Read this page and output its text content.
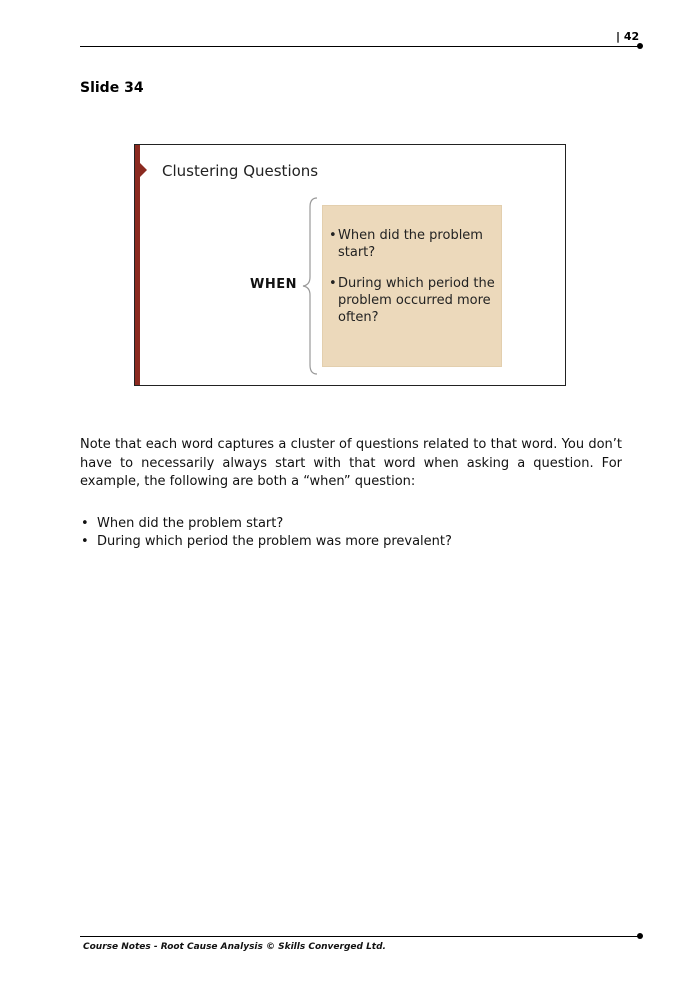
| 42
Slide 34
Clustering Questions
WHEN
• When did the problem start?
• During which period the problem occurred more often?
Note that each word captures a cluster of questions related to that word. You don’t have to necessarily always start with that word when asking a question. For example, the following are both a “when” question:
• When did the problem start?
• During which period the problem was more prevalent?
Course Notes - Root Cause Analysis © Skills Converged Ltd.
